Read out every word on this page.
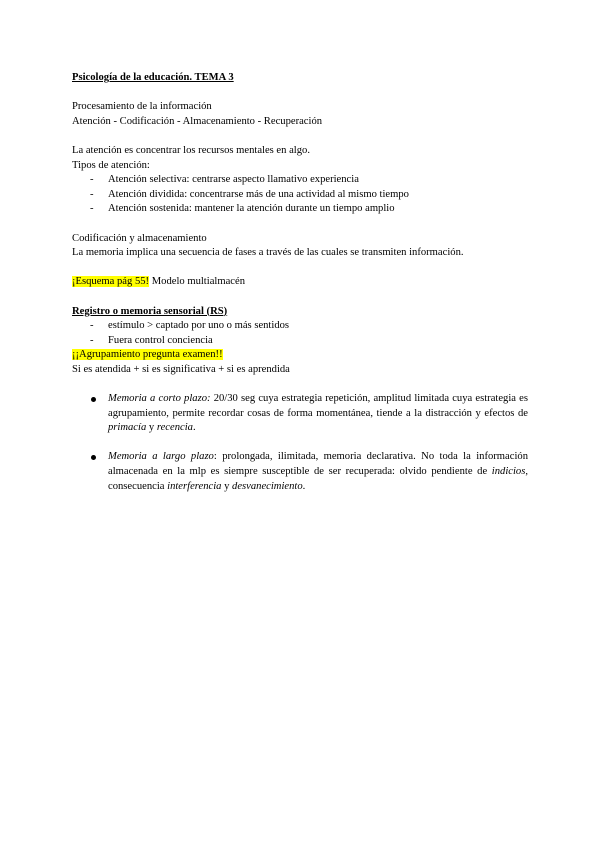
Psicología de la educación. TEMA 3
Procesamiento de la información
Atención - Codificación - Almacenamiento - Recuperación
La atención es concentrar los recursos mentales en algo.
Tipos de atención:
- Atención selectiva: centrarse aspecto llamativo experiencia
- Atención dividida: concentrarse más de una actividad al mismo tiempo
- Atención sostenida: mantener la atención durante un tiempo amplio
Codificación y almacenamiento
La memoria implica una secuencia de fases a través de las cuales se transmiten información.
¡Esquema pág 55! Modelo multialmacén
Registro o memoria sensorial (RS)
- estímulo > captado por uno o más sentidos
- Fuera control conciencia
¡¡Agrupamiento pregunta examen!!
Si es atendida + si es significativa + si es aprendida
Memoria a corto plazo: 20/30 seg cuya estrategia repetición, amplitud limitada cuya estrategia es agrupamiento, permite recordar cosas de forma momentánea, tiende a la distracción y efectos de primacía y recencia.
Memoria a largo plazo: prolongada, ilimitada, memoria declarativa. No toda la información almacenada en la mlp es siempre susceptible de ser recuperada: olvido pendiente de indicios, consecuencia interferencia y desvanecimiento.
